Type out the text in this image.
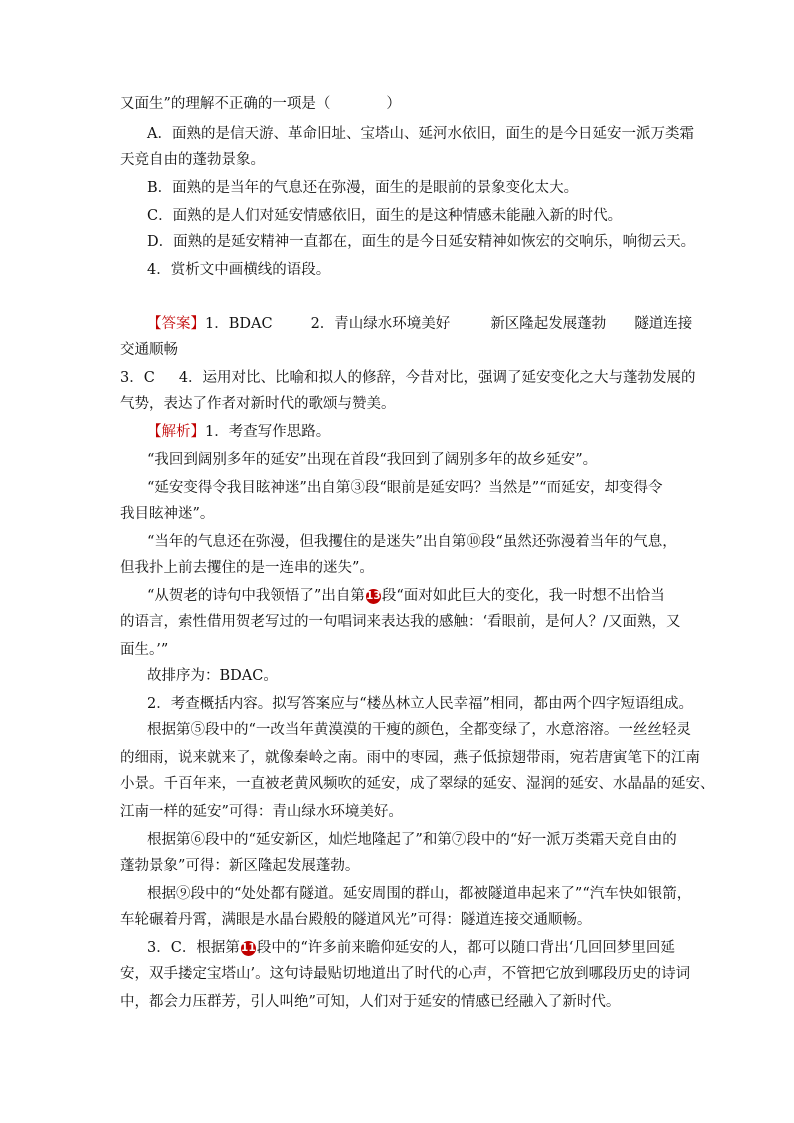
又面生”的理解不正确的一项是（	）
A．面熟的是信天游、革命旧址、宝塔山、延河水依旧，面生的是今日延安一派万类霜
天竞自由的蓬勃景象。
B．面熟的是当年的气息还在弥漫，面生的是眼前的景象变化太大。
C．面熟的是人们对延安情感依旧，面生的是这种情感未能融入新的时代。
D．面熟的是延安精神一直都在，面生的是今日延安精神如恢宏的交响乐，响彻云天。
4．赏析文中画横线的语段。
【答案】1．BDAC	2．青山绿水环境美好	新区隆起发展蓬勃 隧道连接
交通顺畅
3．C 4．运用对比、比喻和拟人的修辞，今昔对比，强调了延安变化之大与蓬勃发展的
气势，表达了作者对新时代的歌颂与赞美。
【解析】1．考查写作思路。
“我回到阔别多年的延安”出现在首段“我回到了阔别多年的故乡延安”。
“延安变得令我目眩神迷”出自第③段“眼前是延安吗？当然是”“而延安，却变得令
我目眩神迷”。
“当年的气息还在弥漫，但我攫住的是迷失”出自第⑩段“虽然还弥漫着当年的气息，
但我扑上前去攫住的是一连串的迷失”。
“从贺老的诗句中我领悟了”出自第13段“面对如此巨大的变化，我一时想不出恰当
的语言，索性借用贺老写过的一句唱词来表达我的感触：‘看眼前，是何人？/又面熟，又
面生。’”
故排序为：BDAC。
2．考查概括内容。拟写答案应与“楼丛林立人民幸福”相同，都由两个四字短语组成。
根据第⑤段中的“一改当年黄漠漠的干瘦的颜色，全都变绿了，水意溶溶。一丝丝轻灵
的细雨，说来就来了，就像秦岭之南。雨中的枣园，燕子低掠翅带雨，宛若唐寅笔下的江南
小景。千百年来，一直被老黄风频吹的延安，成了翠绿的延安、湿润的延安、水晶晶的延安、
江南一样的延安”可得：青山绿水环境美好。
根据第⑥段中的“延安新区，灿烂地隆起了”和第⑦段中的“好一派万类霜天竞自由的
蓬勃景象”可得：新区隆起发展蓬勃。
根据⑨段中的“处处都有隧道。延安周围的群山，都被隧道串起来了”“汽车快如银箭，
车轮碾着丹霄，满眼是水晶台殿般的隧道风光”可得：隧道连接交通顺畅。
3．C．根据第11段中的“许多前来瞻仰延安的人，都可以随口背出‘几回回梦里回延
安，双手搂定宝塔山’。这句诗最贴切地道出了时代的心声，不管把它放到哪段历史的诗词
中，都会力压群芳，引人叫绝”可知，人们对于延安的情感已经融入了新时代。
